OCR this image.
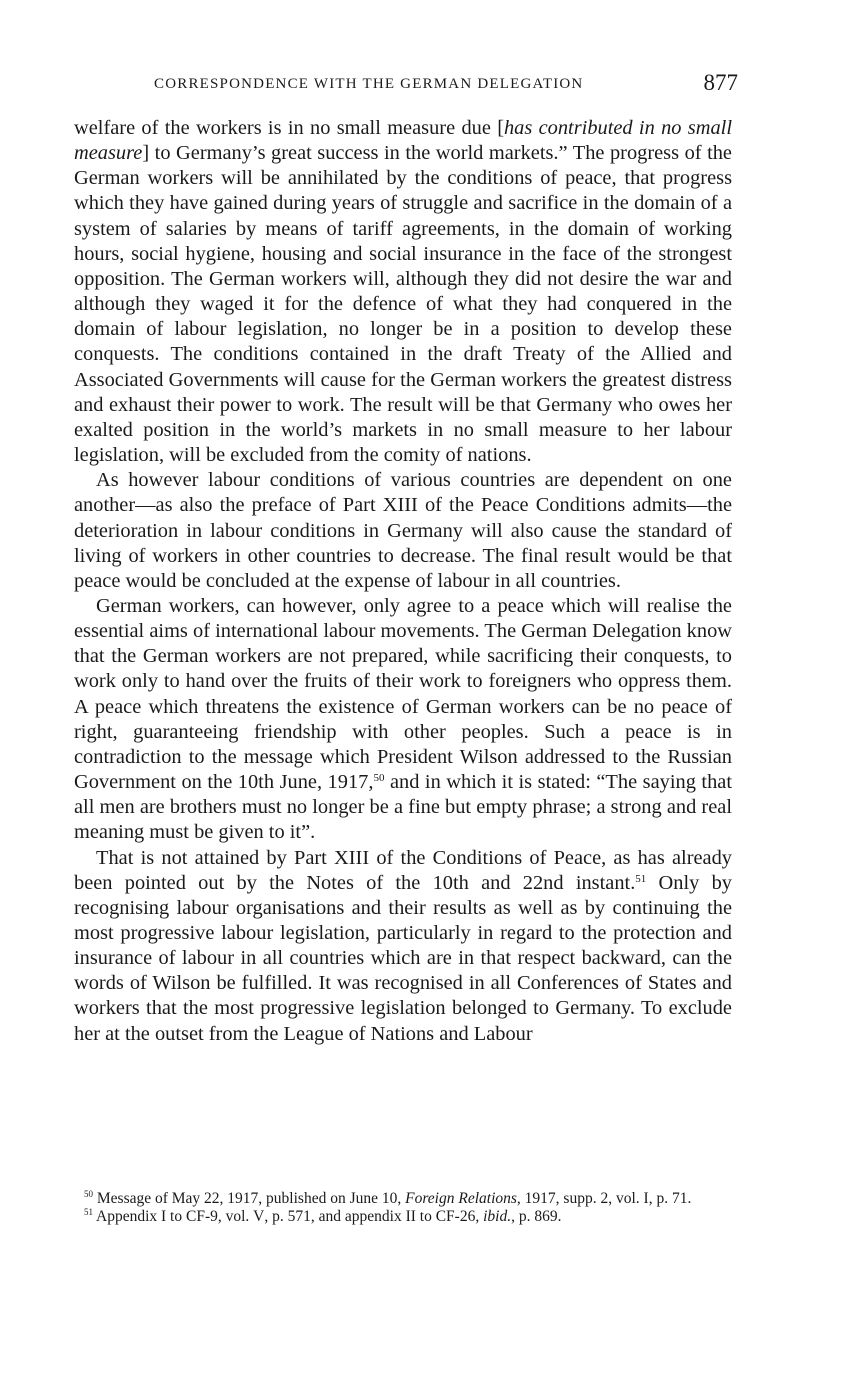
CORRESPONDENCE WITH THE GERMAN DELEGATION	877

welfare of the workers is in no small measure due [has contributed in no small measure] to Germany’s great success in the world markets.” The progress of the German workers will be annihilated by the conditions of peace, that progress which they have gained during years of struggle and sacrifice in the domain of a system of salaries by means of tariff agreements, in the domain of working hours, social hygiene, housing and social insurance in the face of the strongest opposition. The German workers will, although they did not desire the war and although they waged it for the defence of what they had conquered in the domain of labour legislation, no longer be in a position to develop these conquests. The conditions contained in the draft Treaty of the Allied and Associated Governments will cause for the German workers the greatest distress and exhaust their power to work. The result will be that Germany who owes her exalted position in the world’s markets in no small measure to her labour legislation, will be excluded from the comity of nations.

As however labour conditions of various countries are dependent on one another—as also the preface of Part XIII of the Peace Conditions admits—the deterioration in labour conditions in Germany will also cause the standard of living of workers in other countries to decrease. The final result would be that peace would be concluded at the expense of labour in all countries.

German workers, can however, only agree to a peace which will realise the essential aims of international labour movements. The German Delegation know that the German workers are not prepared, while sacrificing their conquests, to work only to hand over the fruits of their work to foreigners who oppress them. A peace which threatens the existence of German workers can be no peace of right, guaranteeing friendship with other peoples. Such a peace is in contradiction to the message which President Wilson addressed to the Russian Government on the 10th June, 1917,50 and in which it is stated: “The saying that all men are brothers must no longer be a fine but empty phrase; a strong and real meaning must be given to it”.

That is not attained by Part XIII of the Conditions of Peace, as has already been pointed out by the Notes of the 10th and 22nd instant.$^{51}$ Only by recognising labour organisations and their results as well as by continuing the most progressive labour legislation, particularly in regard to the protection and insurance of labour in all countries which are in that respect backward, can the words of Wilson be fulfilled. It was recognised in all Conferences of States and workers that the most progressive legislation belonged to Germany. To exclude her at the outset from the League of Nations and Labour

$^{50}$ Message of May 22, 1917, published on June 10, Foreign Relations, 1917, supp. 2, vol. I, p. 71.

$^{51}$ Appendix I to CF-9, vol. V, p. 571, and appendix II to CF-26, ibid., p. 869.
